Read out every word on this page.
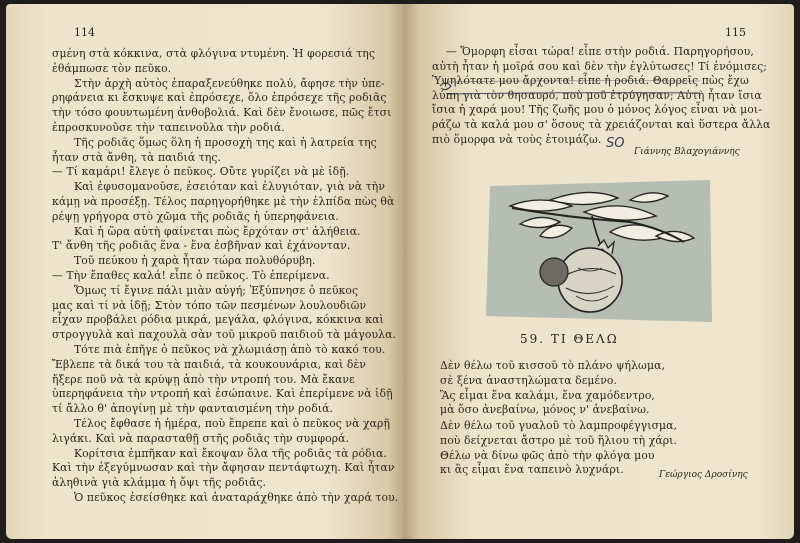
114
σμένη στὰ κόκκινα, στὰ φλόγινα ντυμένη. Ἡ φορεσιά της
ἐθάμπωσε τὸν πεῦκο.
Στὴν ἀρχὴ αὐτὸς ἐπαραξενεύθηκε πολύ, ἄφησε τὴν ὑπε-
ρηφάνεια κι ἔσκυψε καὶ ἐπρόσεχε, ὅλο ἐπρόσεχε τῆς ροδιᾶς
τὴν τόσο φουντωμένη ἀνθοβολιά. Καὶ δὲν ἔνοιωσε, πῶς ἔτσι
ἐπροσκυνοῦσε τὴν ταπεινοῦλα τὴν ροδιά.
Τῆς ροδιᾶς ὅμως ὅλη ἡ προσοχὴ της καὶ ἡ λατρεία της
ἦταν στὰ ἄνθη, τὰ παιδιά της.
— Τί καμάρι! ἔλεγε ὁ πεῦκος. Οὔτε γυρίζει νὰ μὲ ἰδῇ.
Καὶ ἐφυσομανοῦσε, ἐσειόταν καὶ ἐλυγιόταν, γιὰ νὰ τὴν
κάμῃ νὰ προσέξῃ. Τέλος παρηγορήθηκε μὲ τὴν ἐλπίδα πὼς θὰ
ρέψῃ γρήγορα στὸ χῶμα τῆς ροδιᾶς ἡ ὑπερηφάνεια.
Καὶ ἡ ὥρα αὐτὴ φαίνεται πὼς ἔρχόταν στ' ἀλήθεια.
Τ' ἄνθη τῆς ροδιᾶς ἕνα - ἕνα ἐσβῆναν καὶ ἐχάνονταν.
Τοῦ πεύκου ἡ χαρὰ ἦταν τώρα πολυθόρυβη.
— Τὴν ἔπαθες καλά! εἶπε ὁ πεῦκος. Τὸ ἐπερίμενα.
Ὅμως τί ἔγινε πάλι μιὰν αὐγή; Ἐξύπνησε ὁ πεῦκος
μας καὶ τί νὰ ἰδῇ; Στὸν τόπο τῶν πεσμένων λουλουδιῶν
εἶχαν προβάλει ρόδια μικρά, μεγάλα, φλόγινα, κόκκινα καὶ
στρογγυλὰ καὶ παχουλὰ σὰν τοῦ μικροῦ παιδιοῦ τὰ μάγουλα.
Τότε πιὰ ἐπῆγε ὁ πεῦκος νὰ χλωμιάσῃ ἀπὸ τὸ κακό του.
Ἔβλεπε τὰ δικά του τὰ παιδιά, τὰ κουκουνάρια, καὶ δὲν
ἤξερε ποῦ νὰ τὰ κρύψῃ ἀπὸ τὴν ντροπή του. Μὰ ἔκανε
ὑπερηφάνεια τὴν ντροπή καὶ ἐσώπαινε. Καὶ ἐπερίμενε νὰ ἰδῇ
τί ἄλλο θ' ἀπογίνῃ μὲ τὴν φανταισμένη τὴν ροδιά.
Τέλος ἔφθασε ἡ ἡμέρα, ποὺ ἔπρεπε καὶ ὁ πεῦκος νὰ χαρῇ
λιγάκι. Καὶ νὰ παρασταθῇ στῆς ροδιᾶς τὴν συμφορά.
Κορίτσια ἐμπῆκαν καὶ ἔκοψαν ὅλα τῆς ροδιᾶς τὰ ρόδια.
Καὶ τὴν ἐξεγύμνωσαν καὶ τὴν ἄφησαν πεντάφτωχη. Καὶ ἦταν
ἀληθινὰ γιὰ κλάμμα ἡ ὄψι τῆς ροδιᾶς.
Ὁ πεῦκος ἐσείσθηκε καὶ ἀναταράχθηκε ἀπὸ τὴν χαρά του.
115
— Ὅμορφη εἶσαι τώρα! εἶπε στὴν ροδιά. Παρηγορήσου,
αὐτὴ ἦταν ἡ μοῖρά σου καὶ δὲν τὴν ἐγλύτωσες! Τί ἐνόμισες;
Ὑψηλότατε μου ἄρχοντα! εἶπε ἡ ροδιά. Θαρρεῖς πὼς ἔχω
λύπη γιὰ τὸν θησαυρό, ποὺ μοῦ ἐτρύγησαν; Αὐτὴ ἦταν ἴσια
ἴσια ἡ χαρά μου! Τῆς ζωῆς μου ὁ μόνος λόγος εἶναι νὰ μοι-
ράζω τὰ καλά μου σ' ὅσους τὰ χρειάζονται καὶ ὕστερα ἄλλα
πιὸ ὅμορφα νὰ τοὺς ἑτοιμάζω.
Γιάννης Βλαχογιάννης
Γεώργιος Δροσίνης
Δὲν θέλω τοῦ κισσοῦ τὸ πλάνο ψήλωμα,
σὲ ξένα ἀναστηλώματα δεμένο.
Ἂς εἶμαι ἕνα καλάμι, ἕνα χαμόδεντρο,
μὰ ὅσο ἀνεβαίνω, μόνος ν' ἀνεβαίνω.
Δὲν θέλω τοῦ γυαλοῦ τὸ λαμπροφέγγισμα,
ποὺ δείχνεται ἄστρο μὲ τοῦ ἥλιου τὴ χάρι.
Θέλω νὰ δίνω φῶς ἀπὸ τὴν φλόγα μου
κι ἂς εἶμαι ἕνα ταπεινὸ λυχνάρι.
SO
59. ΤΙ ΘΕΛΩ
